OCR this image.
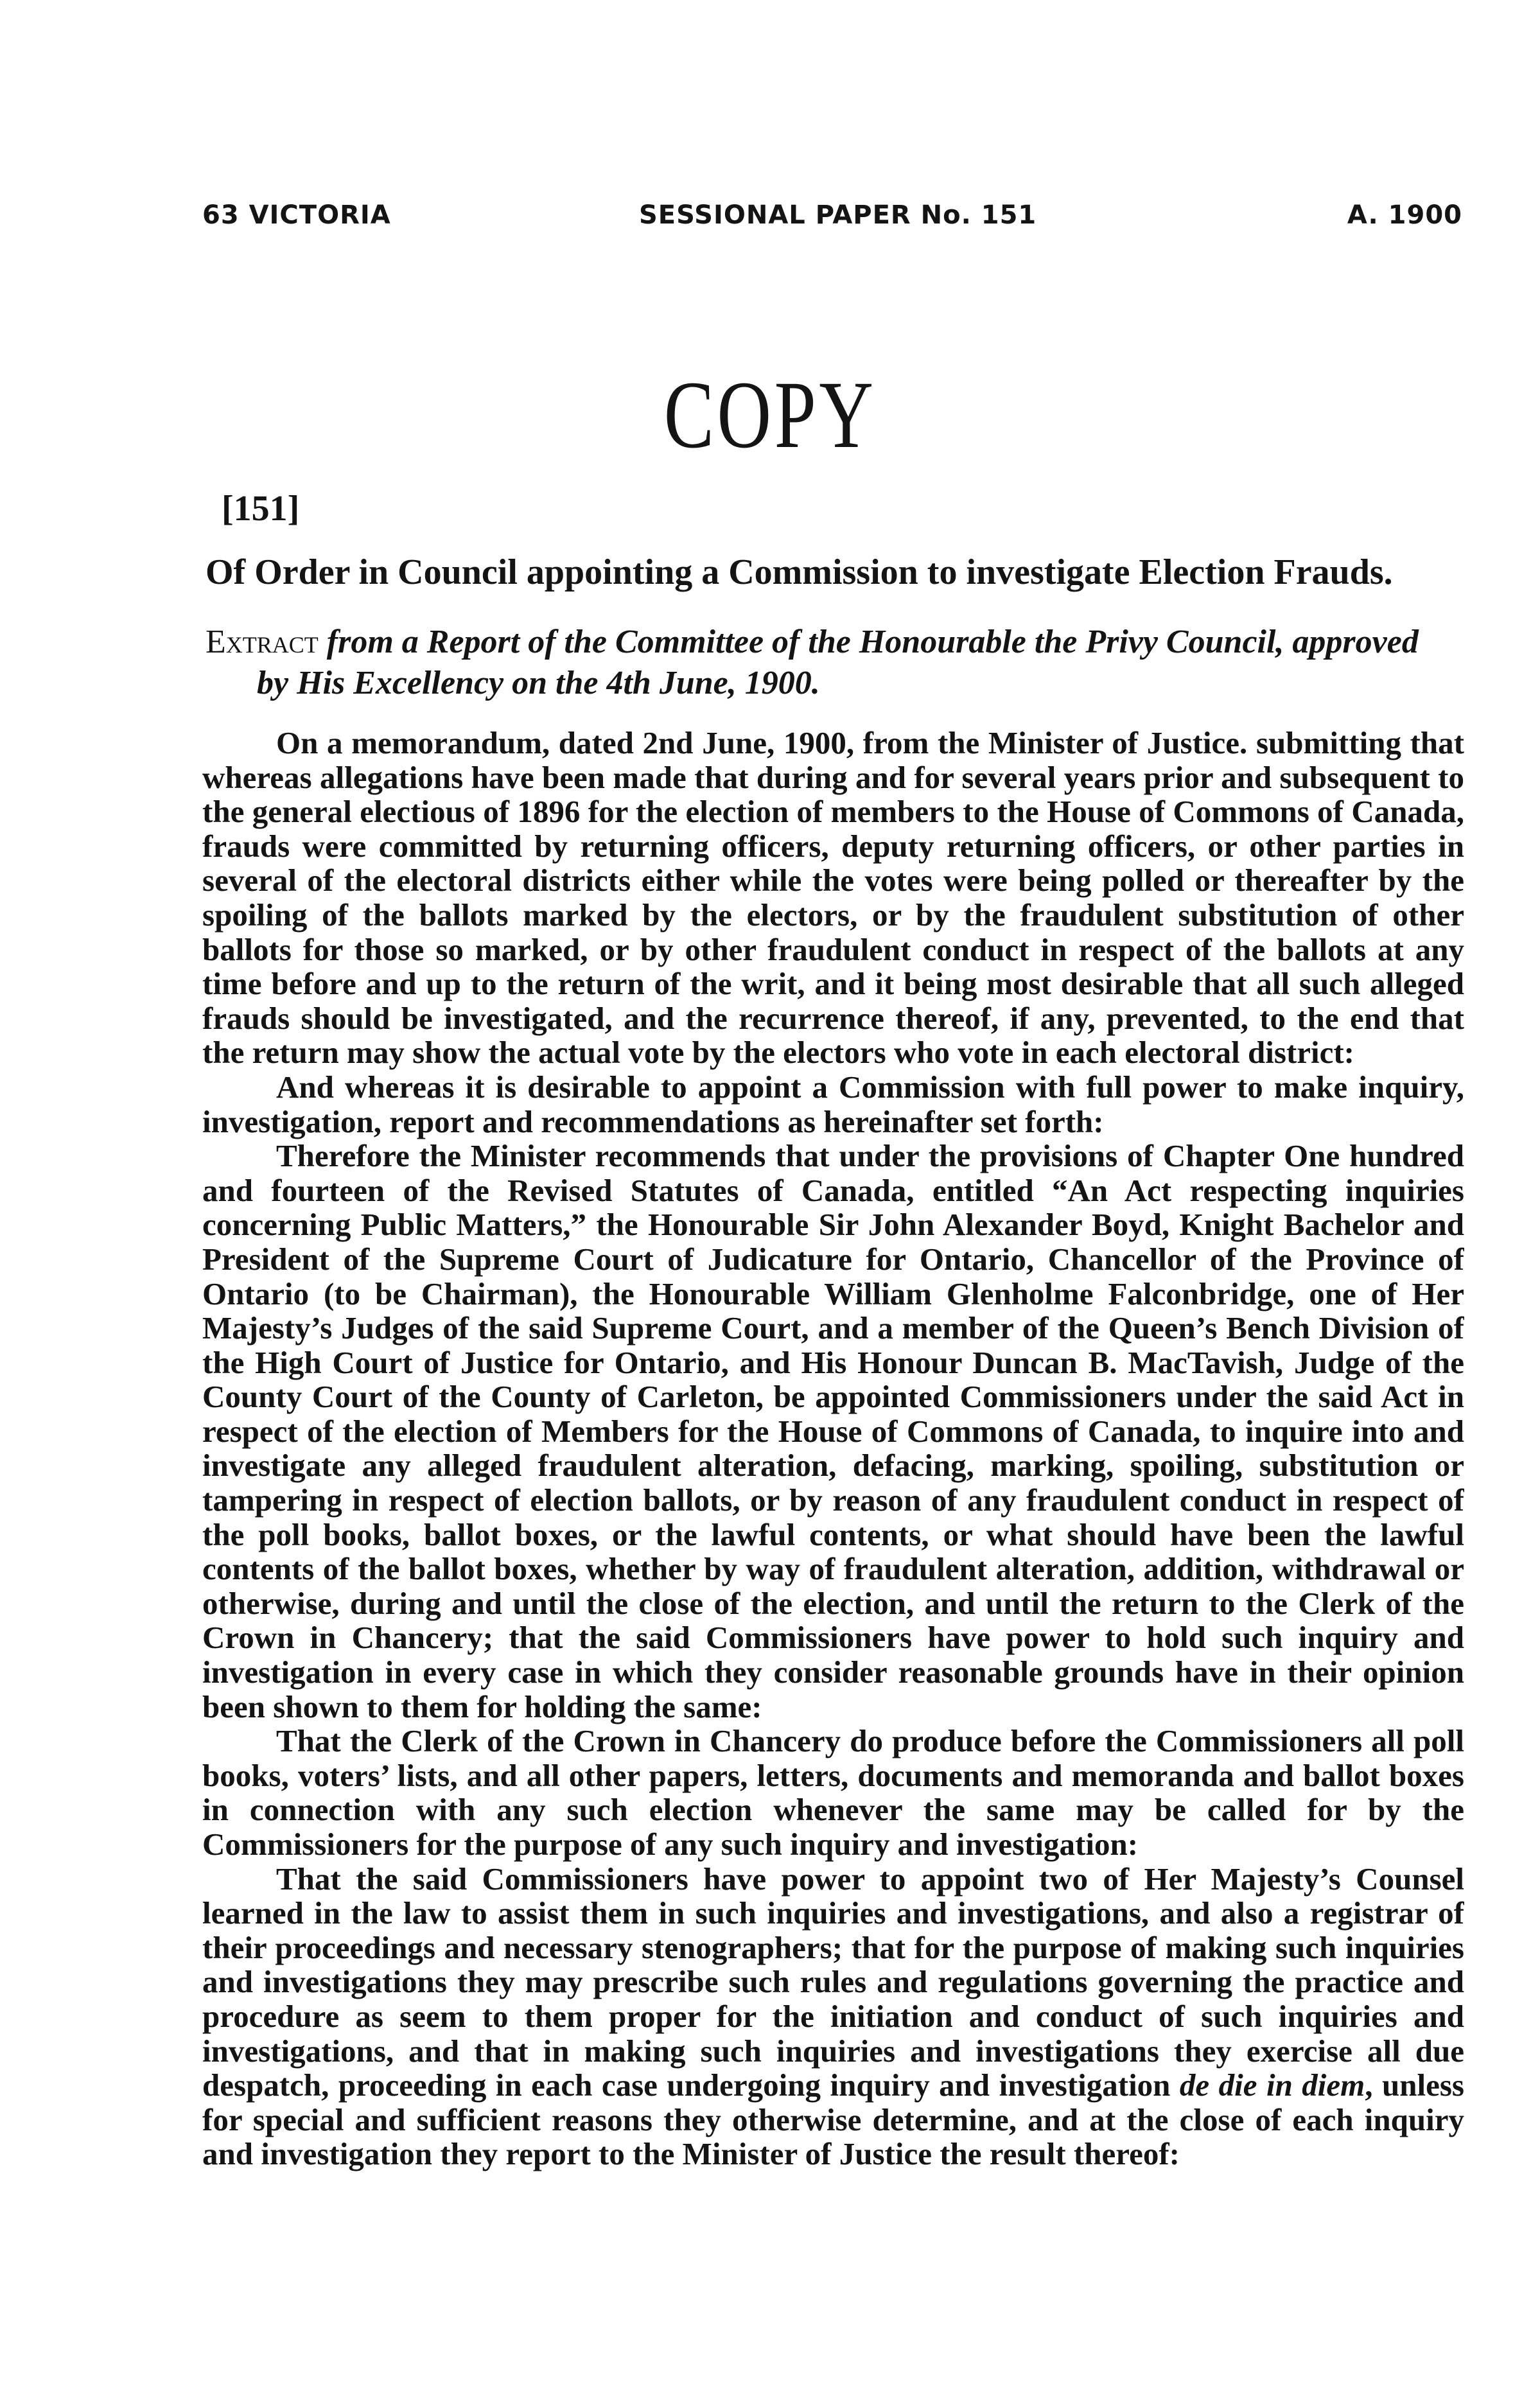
63 VICTORIA	SESSIONAL PAPER No. 151	A. 1900
COPY
[151]
Of Order in Council appointing a Commission to investigate Election Frauds.
Extract from a Report of the Committee of the Honourable the Privy Council, approved
by His Excellency on the 4th June, 1900.

On a memorandum, dated 2nd June, 1900, from the Minister of Justice. submitting that whereas allegations have been made that during and for several years prior and subsequent to the general electious of 1896 for the election of members to the House of Commons of Canada, frauds were committed by returning officers, deputy returning officers, or other parties in several of the electoral districts either while the votes were being polled or thereafter by the spoiling of the ballots marked by the electors, or by the fraudulent substitution of other ballots for those so marked, or by other fraudulent conduct in respect of the ballots at any time before and up to the return of the writ, and it being most desirable that all such alleged frauds should be investigated, and the recurrence thereof, if any, prevented, to the end that the return may show the actual vote by the electors who vote in each electoral district:

And whereas it is desirable to appoint a Commission with full power to make inquiry, investigation, report and recommendations as hereinafter set forth:

Therefore the Minister recommends that under the provisions of Chapter One hundred and fourteen of the Revised Statutes of Canada, entitled “An Act respecting inquiries concerning Public Matters,” the Honourable Sir John Alexander Boyd, Knight Bachelor and President of the Supreme Court of Judicature for Ontario, Chancellor of the Province of Ontario (to be Chairman), the Honourable William Glenholme Falconbridge, one of Her Majesty’s Judges of the said Supreme Court, and a member of the Queen’s Bench Division of the High Court of Justice for Ontario, and His Honour Duncan B. MacTavish, Judge of the County Court of the County of Carleton, be appointed Commissioners under the said Act in respect of the election of Members for the House of Commons of Canada, to inquire into and investigate any alleged fraudulent alteration, defacing, marking, spoiling, substitution or tampering in respect of election ballots, or by reason of any fraudulent conduct in respect of the poll books, ballot boxes, or the lawful contents, or what should have been the lawful contents of the ballot boxes, whether by way of fraudulent alteration, addition, withdrawal or otherwise, during and until the close of the election, and until the return to the Clerk of the Crown in Chancery; that the said Commissioners have power to hold such inquiry and investigation in every case in which they consider reasonable grounds have in their opinion been shown to them for holding the same:

That the Clerk of the Crown in Chancery do produce before the Commissioners all poll books, voters’ lists, and all other papers, letters, documents and memoranda and ballot boxes in connection with any such election whenever the same may be called for by the Commissioners for the purpose of any such inquiry and investigation:

That the said Commissioners have power to appoint two of Her Majesty’s Counsel learned in the law to assist them in such inquiries and investigations, and also a registrar of their proceedings and necessary stenographers; that for the purpose of making such inquiries and investigations they may prescribe such rules and regulations governing the practice and procedure as seem to them proper for the initiation and conduct of such inquiries and investigations, and that in making such inquiries and investigations they exercise all due despatch, proceeding in each case undergoing inquiry and investigation de die in diem, unless for special and sufficient reasons they otherwise determine, and at the close of each inquiry and investigation they report to the Minister of Justice the result thereof:
